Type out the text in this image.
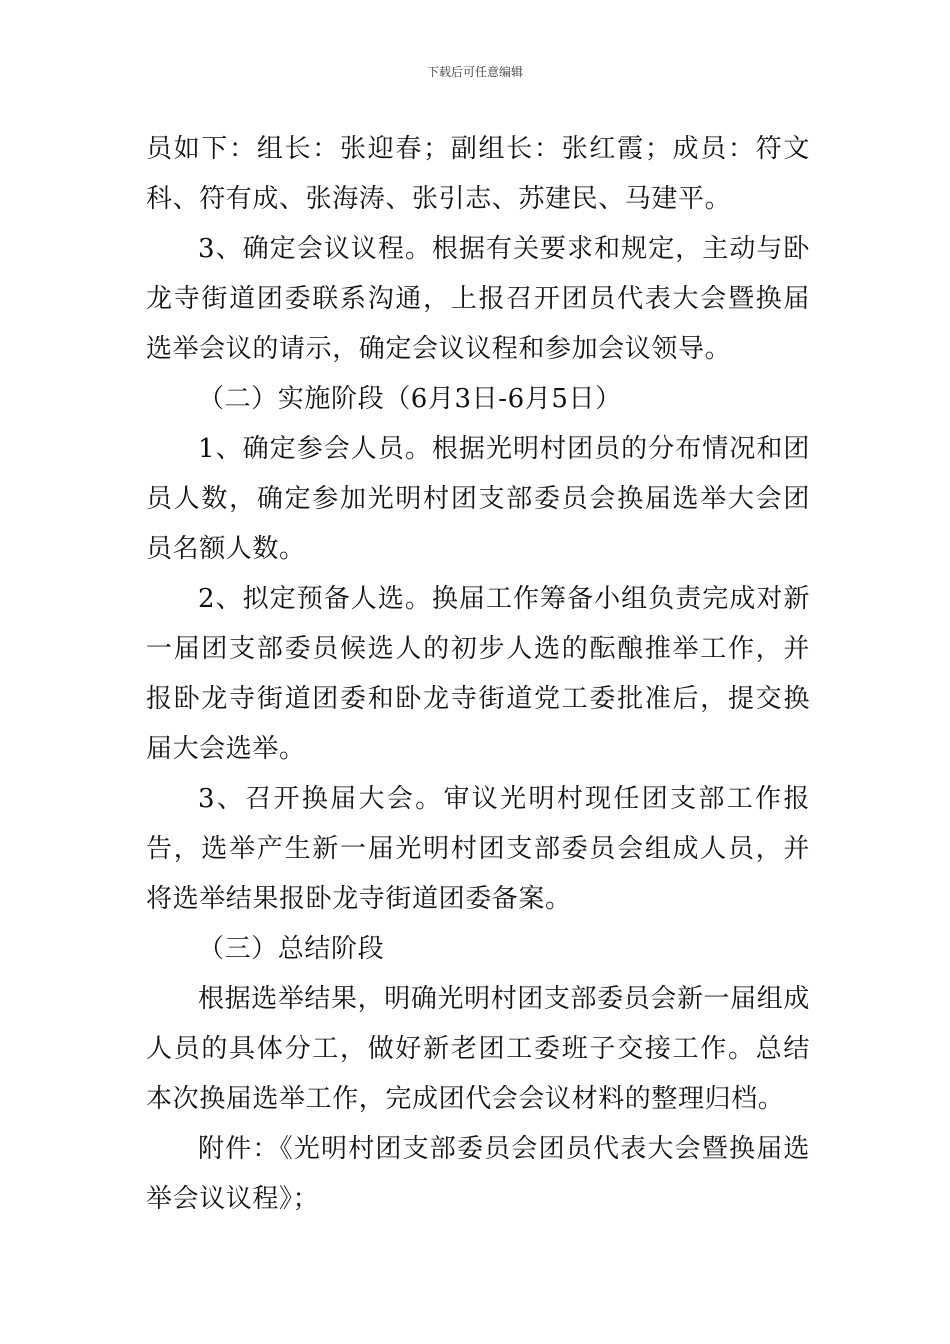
下载后可任意编辑

员如下：组长：张迎春；副组长：张红霞；成员：符文科、符有成、张海涛、张引志、苏建民、马建平。

3、确定会议议程。根据有关要求和规定，主动与卧龙寺街道团委联系沟通，上报召开团员代表大会暨换届选举会议的请示，确定会议议程和参加会议领导。

（二）实施阶段（6月3日-6月5日）

1、确定参会人员。根据光明村团员的分布情况和团员人数，确定参加光明村团支部委员会换届选举大会团员名额人数。

2、拟定预备人选。换届工作筹备小组负责完成对新一届团支部委员候选人的初步人选的酝酿推举工作，并报卧龙寺街道团委和卧龙寺街道党工委批准后，提交换届大会选举。

3、召开换届大会。审议光明村现任团支部工作报告，选举产生新一届光明村团支部委员会组成人员，并将选举结果报卧龙寺街道团委备案。

（三）总结阶段

根据选举结果，明确光明村团支部委员会新一届组成人员的具体分工，做好新老团工委班子交接工作。总结本次换届选举工作，完成团代会会议材料的整理归档。

附件：《光明村团支部委员会团员代表大会暨换届选举会议议程》；
